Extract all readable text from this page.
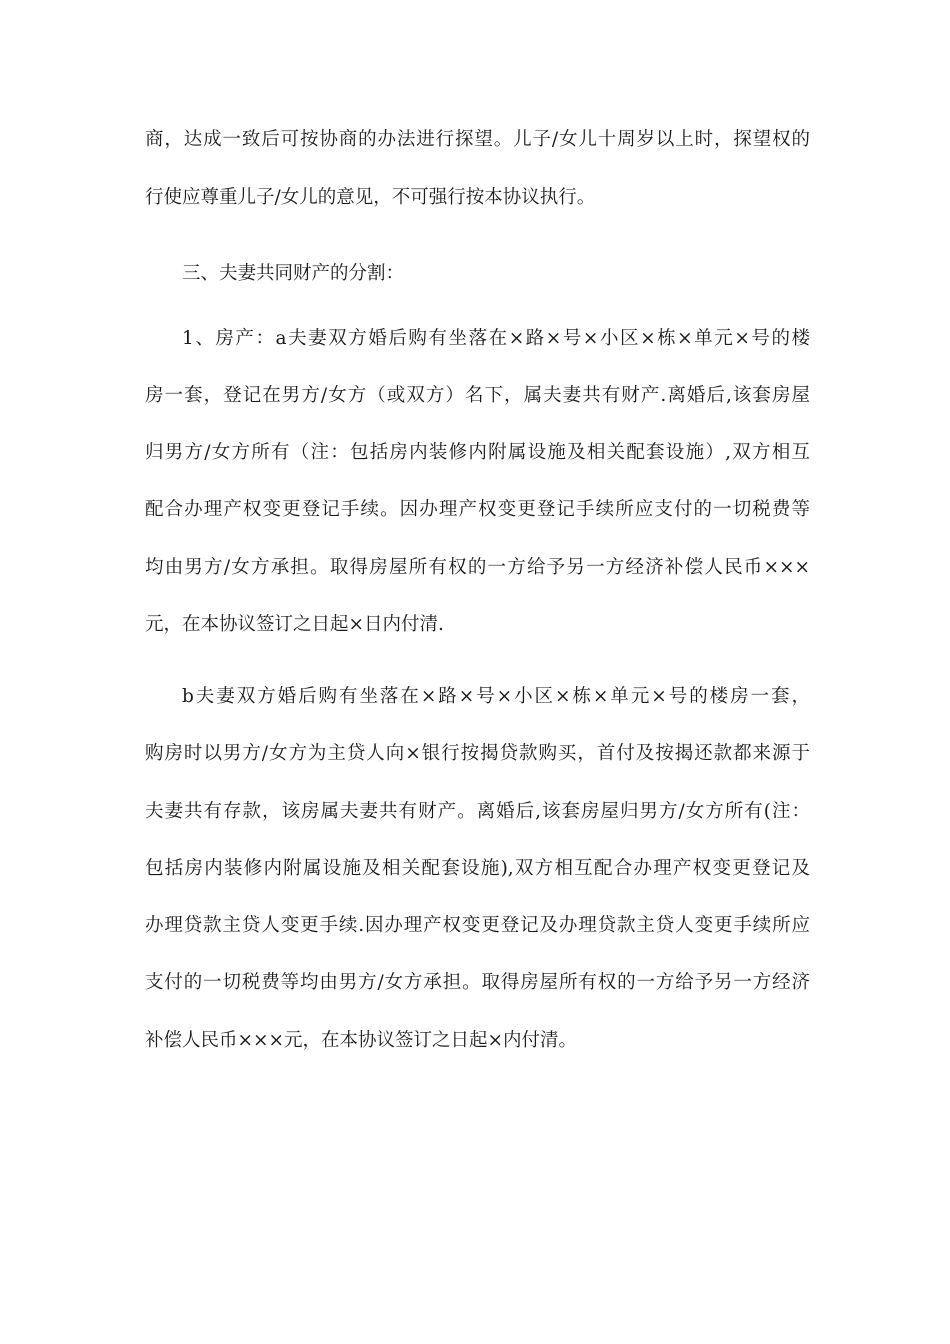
商，达成一致后可按协商的办法进行探望。儿子/女儿十周岁以上时，探望权的
行使应尊重儿子/女儿的意见，不可强行按本协议执行。
三、夫妻共同财产的分割：
1、房产：a夫妻双方婚后购有坐落在×路×号×小区×栋×单元×号的楼
房一套，登记在男方/女方（或双方）名下，属夫妻共有财产.离婚后,该套房屋
归男方/女方所有（注：包括房内装修内附属设施及相关配套设施）,双方相互
配合办理产权变更登记手续。因办理产权变更登记手续所应支付的一切税费等
均由男方/女方承担。取得房屋所有权的一方给予另一方经济补偿人民币×××
元，在本协议签订之日起×日内付清.
b夫妻双方婚后购有坐落在×路×号×小区×栋×单元×号的楼房一套，
购房时以男方/女方为主贷人向×银行按揭贷款购买，首付及按揭还款都来源于
夫妻共有存款，该房属夫妻共有财产。离婚后,该套房屋归男方/女方所有(注：
包括房内装修内附属设施及相关配套设施),双方相互配合办理产权变更登记及
办理贷款主贷人变更手续.因办理产权变更登记及办理贷款主贷人变更手续所应
支付的一切税费等均由男方/女方承担。取得房屋所有权的一方给予另一方经济
补偿人民币×××元，在本协议签订之日起×内付清。
